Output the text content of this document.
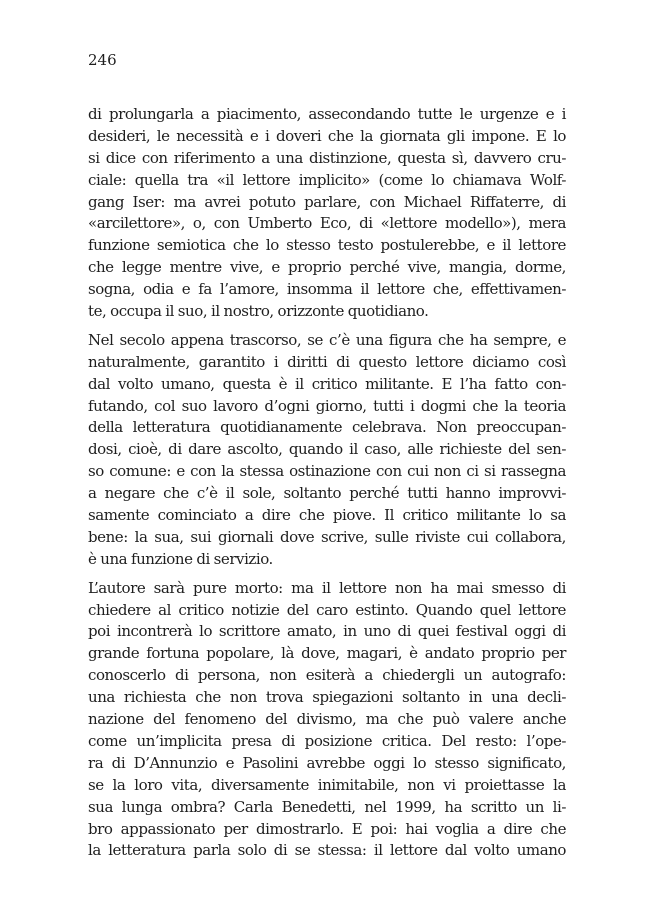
246
di prolungarla a piacimento, assecondando tutte le urgenze e i
desideri, le necessità e i doveri che la giornata gli impone. E lo
si dice con riferimento a una distinzione, questa sì, davvero cru-
ciale: quella tra «il lettore implicito» (come lo chiamava Wolf-
gang Iser: ma avrei potuto parlare, con Michael Riffaterre, di
«arcilettore», o, con Umberto Eco, di «lettore modello»), mera
funzione semiotica che lo stesso testo postulerebbe, e il lettore
che legge mentre vive, e proprio perché vive, mangia, dorme,
sogna, odia e fa l’amore, insomma il lettore che, effettivamen-
te, occupa il suo, il nostro, orizzonte quotidiano.
Nel secolo appena trascorso, se c’è una figura che ha sempre, e
naturalmente, garantito i diritti di questo lettore diciamo così
dal volto umano, questa è il critico militante. E l’ha fatto con-
futando, col suo lavoro d’ogni giorno, tutti i dogmi che la teoria
della letteratura quotidianamente celebrava. Non preoccupan-
dosi, cioè, di dare ascolto, quando il caso, alle richieste del sen-
so comune: e con la stessa ostinazione con cui non ci si rassegna
a negare che c’è il sole, soltanto perché tutti hanno improvvi-
samente cominciato a dire che piove. Il critico militante lo sa
bene: la sua, sui giornali dove scrive, sulle riviste cui collabora,
è una funzione di servizio.
L’autore sarà pure morto: ma il lettore non ha mai smesso di
chiedere al critico notizie del caro estinto. Quando quel lettore
poi incontrerà lo scrittore amato, in uno di quei festival oggi di
grande fortuna popolare, là dove, magari, è andato proprio per
conoscerlo di persona, non esiterà a chiedergli un autografo:
una richiesta che non trova spiegazioni soltanto in una decli-
nazione del fenomeno del divismo, ma che può valere anche
come un’implicita presa di posizione critica. Del resto: l’ope-
ra di D’Annunzio e Pasolini avrebbe oggi lo stesso significato,
se la loro vita, diversamente inimitabile, non vi proiettasse la
sua lunga ombra? Carla Benedetti, nel 1999, ha scritto un li-
bro appassionato per dimostrarlo. E poi: hai voglia a dire che
la letteratura parla solo di se stessa: il lettore dal volto umano
